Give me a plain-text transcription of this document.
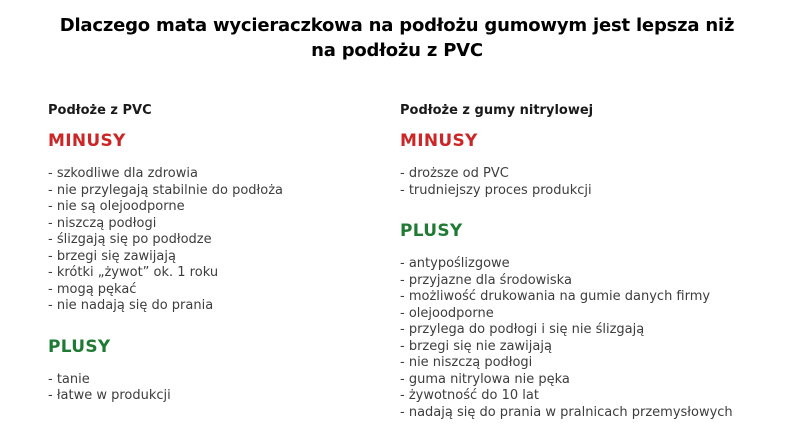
Dlaczego mata wycieraczkowa na podłożu gumowym jest lepsza niż na podłożu z PVC
Podłoże z PVC
MINUSY
- szkodliwe dla zdrowia
- nie przylegają stabilnie do podłoża
- nie są olejoodporne
- niszczą podłogi
- ślizgają się po podłodze
- brzegi się zawijają
- krótki „żywot” ok. 1 roku
- mogą pękać
- nie nadają się do prania
PLUSY
- tanie
- łatwe w produkcji
Podłoże z gumy nitrylowej
MINUSY
- droższe od PVC
- trudniejszy proces produkcji
PLUSY
- antypoślizgowe
- przyjazne dla środowiska
- możliwość drukowania na gumie danych firmy
- olejoodporne
- przylega do podłogi i się nie ślizgają
- brzegi się nie zawijają
- nie niszczą podłogi
- guma nitrylowa nie pęka
- żywotność do 10 lat
- nadają się do prania w pralnicach przemysłowych
